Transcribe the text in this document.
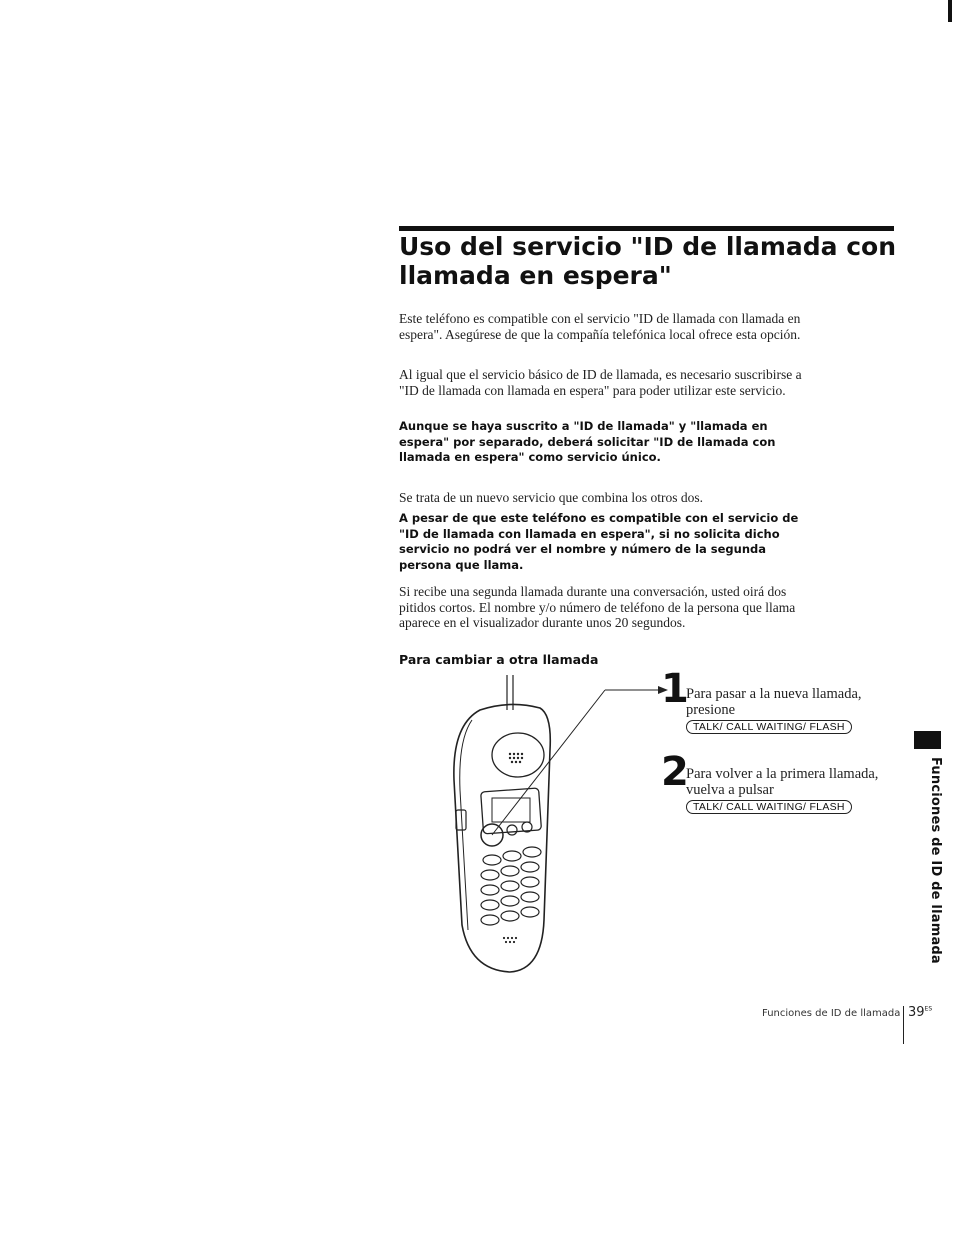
Uso del servicio "ID de llamada con llamada en espera"

Este teléfono es compatible con el servicio "ID de llamada con llamada en espera". Asegúrese de que la compañía telefónica local ofrece esta opción.

Al igual que el servicio básico de ID de llamada, es necesario suscribirse a "ID de llamada con llamada en espera" para poder utilizar este servicio.

Aunque se haya suscrito a "ID de llamada" y "llamada en espera" por separado, deberá solicitar "ID de llamada con llamada en espera" como servicio único.

Se trata de un nuevo servicio que combina los otros dos.

A pesar de que este teléfono es compatible con el servicio de "ID de llamada con llamada en espera", si no solicita dicho servicio no podrá ver el nombre y número de la segunda persona que llama.

Si recibe una segunda llamada durante una conversación, usted oirá dos pitidos cortos. El nombre y/o número de teléfono de la persona que llama aparece en el visualizador durante unos 20 segundos.

Para cambiar a otra llamada
1
Para pasar a la nueva llamada, presione
TALK/ CALL WAITING/ FLASH
2
Para volver a la primera llamada, vuelva a pulsar
TALK/ CALL WAITING/ FLASH	Funciones de ID de llamada
Funciones de ID de llamada $39^{ES}$
